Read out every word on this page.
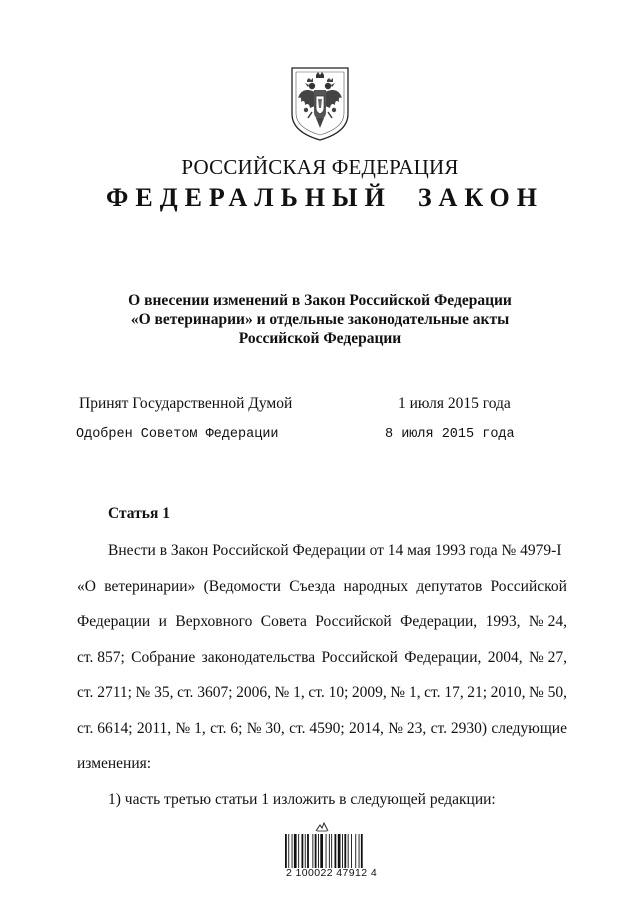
РОССИЙСКАЯ ФЕДЕРАЦИЯ
ФЕДЕРАЛЬНЫЙ ЗАКОН
О внесении изменений в Закон Российской Федерации
«О ветеринарии» и отдельные законодательные акты
Российской Федерации
Принят Государственной Думой	1 июля 2015 года
Одобрен Советом Федерации	8 июля 2015 года
Статья 1
Внести в Закон Российской Федерации от 14 мая 1993 года № 4979-I
«О ветеринарии» (Ведомости Съезда народных депутатов Российской
Федерации и Верховного Совета Российской Федерации, 1993, № 24,
ст. 857; Собрание законодательства Российской Федерации, 2004, № 27,
ст. 2711; № 35, ст. 3607; 2006, № 1, ст. 10; 2009, № 1, ст. 17, 21; 2010, № 50,
ст. 6614; 2011, № 1, ст. 6; № 30, ст. 4590; 2014, № 23, ст. 2930) следующие
изменения:
1) часть третью статьи 1 изложить в следующей редакции:
2 100022 47912 4
